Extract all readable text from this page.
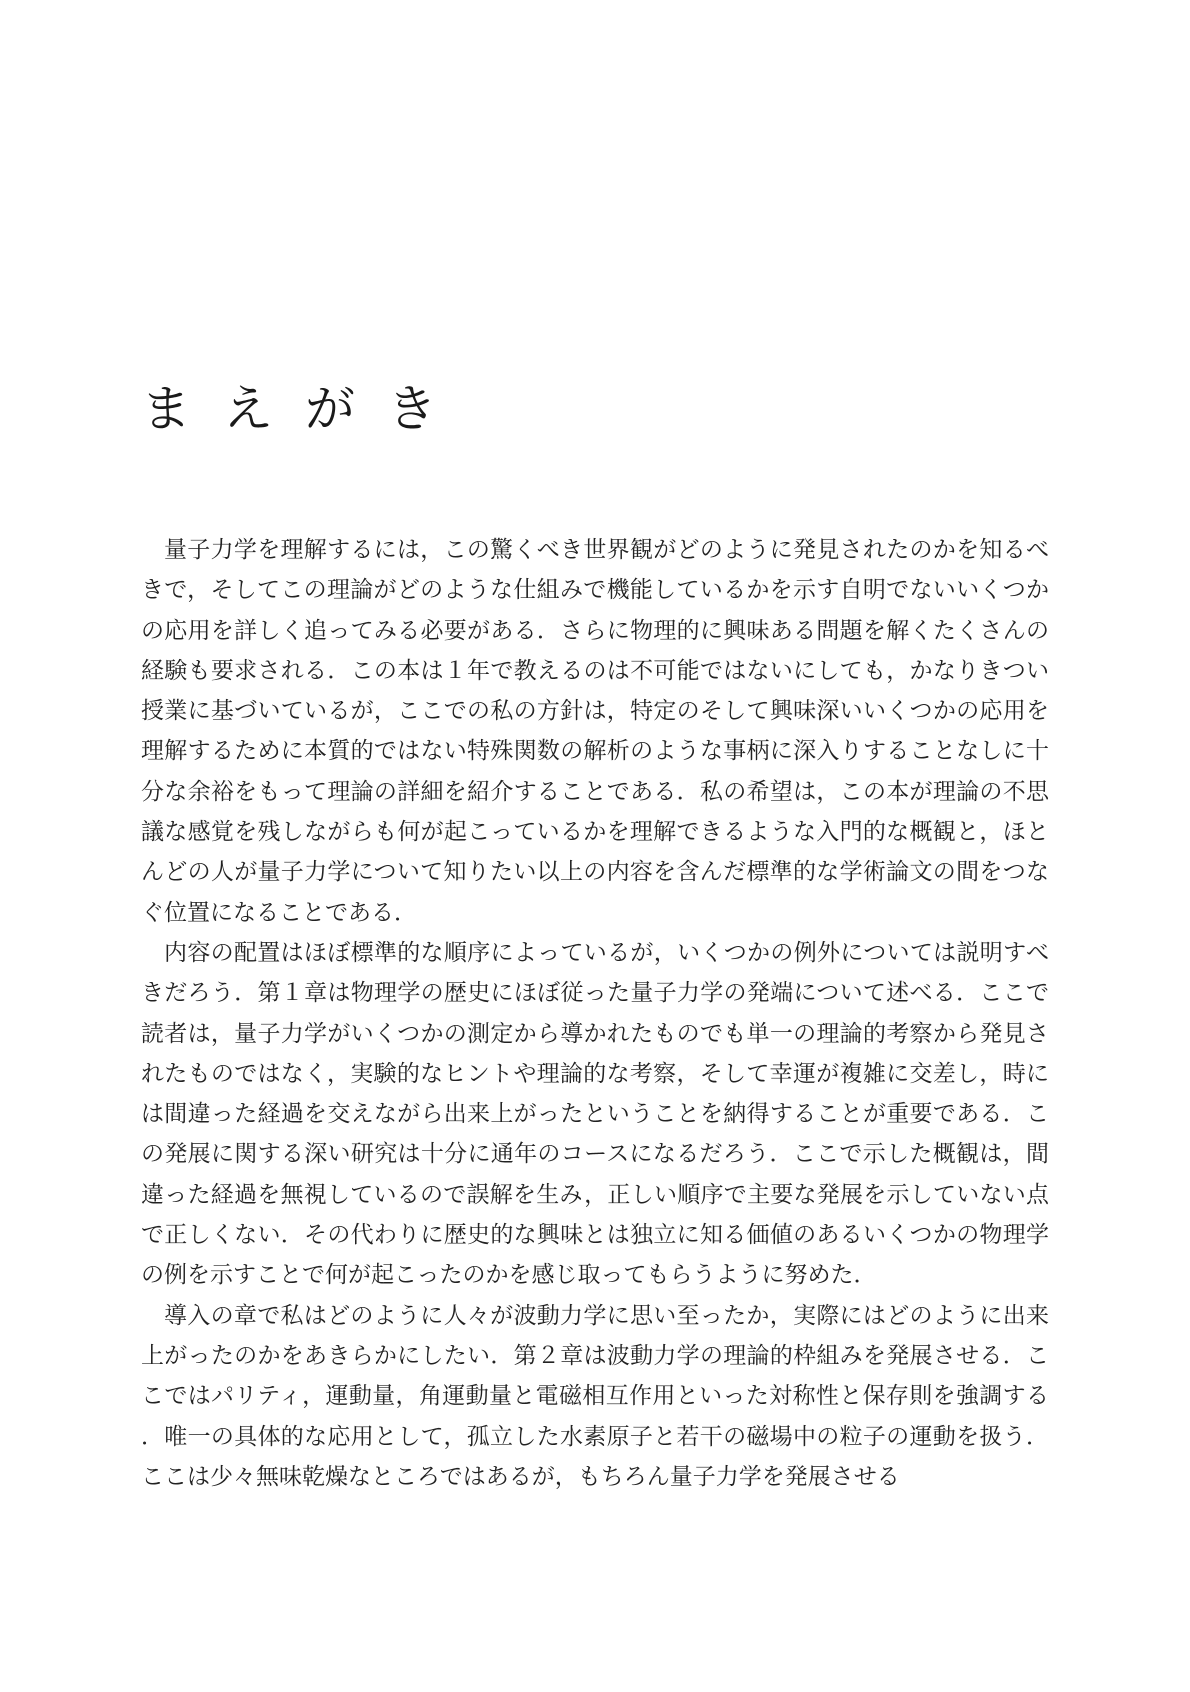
まえがき

量子力学を理解するには，この驚くべき世界観がどのように発見されたのかを知るべきで，そしてこの理論がどのような仕組みで機能しているかを示す自明でないいくつかの応用を詳しく追ってみる必要がある．さらに物理的に興味ある問題を解くたくさんの経験も要求される．この本は１年で教えるのは不可能ではないにしても，かなりきつい授業に基づいているが，ここでの私の方針は，特定のそして興味深いいくつかの応用を理解するために本質的ではない特殊関数の解析のような事柄に深入りすることなしに十分な余裕をもって理論の詳細を紹介することである．私の希望は，この本が理論の不思議な感覚を残しながらも何が起こっているかを理解できるような入門的な概観と，ほとんどの人が量子力学について知りたい以上の内容を含んだ標準的な学術論文の間をつなぐ位置になることである．

内容の配置はほぼ標準的な順序によっているが，いくつかの例外については説明すべきだろう．第１章は物理学の歴史にほぼ従った量子力学の発端について述べる．ここで読者は，量子力学がいくつかの測定から導かれたものでも単一の理論的考察から発見されたものではなく，実験的なヒントや理論的な考察，そして幸運が複雑に交差し，時には間違った経過を交えながら出来上がったということを納得することが重要である．この発展に関する深い研究は十分に通年のコースになるだろう．ここで示した概観は，間違った経過を無視しているので誤解を生み，正しい順序で主要な発展を示していない点で正しくない．その代わりに歴史的な興味とは独立に知る価値のあるいくつかの物理学の例を示すことで何が起こったのかを感じ取ってもらうように努めた．

導入の章で私はどのように人々が波動力学に思い至ったか，実際にはどのように出来上がったのかをあきらかにしたい．第２章は波動力学の理論的枠組みを発展させる．ここではパリティ，運動量，角運動量と電磁相互作用といった対称性と保存則を強調する．唯一の具体的な応用として，孤立した水素原子と若干の磁場中の粒子の運動を扱う．ここは少々無味乾燥なところではあるが，もちろん量子力学を発展させる
